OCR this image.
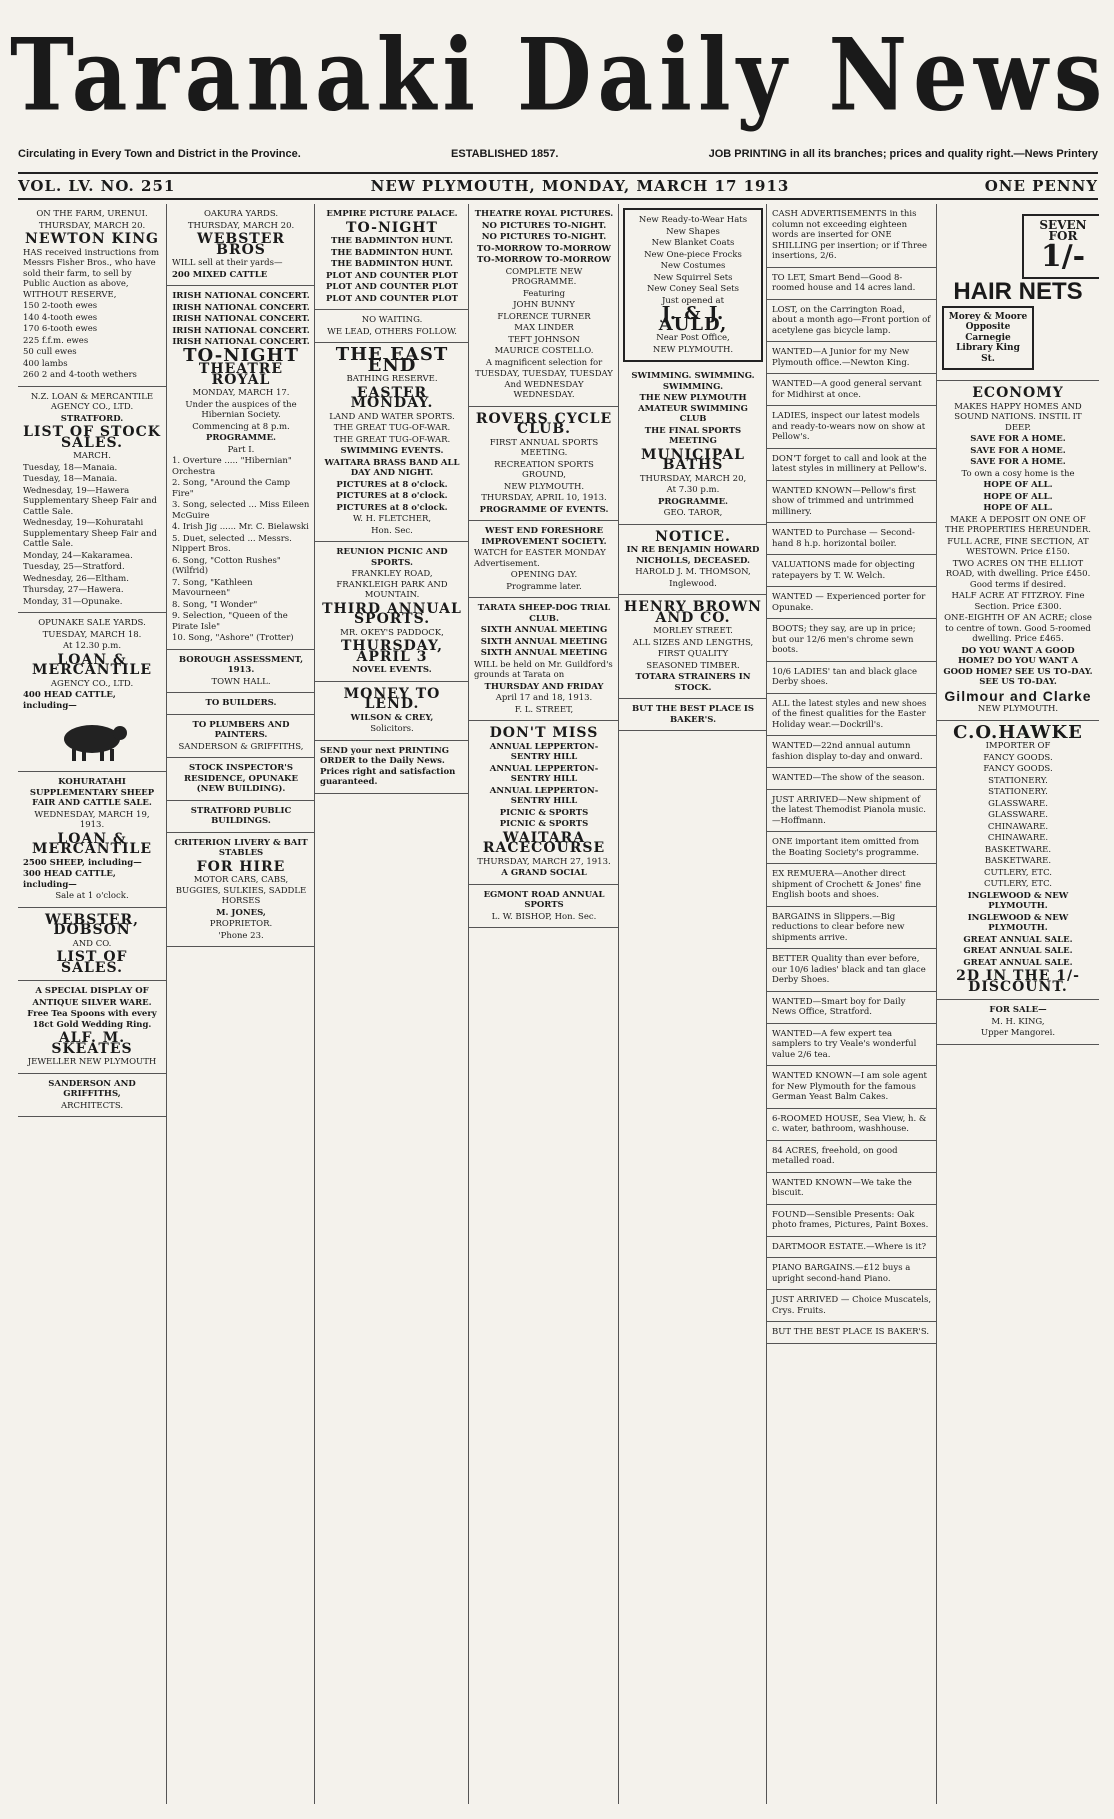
Taranaki Daily News
Circulating in Every Town and District in the Province.	ESTABLISHED 1857.	JOB PRINTING in all its branches; prices and quality right.—News Printery
VOL. LV. NO. 251	NEW PLYMOUTH, MONDAY, MARCH 17 1913	ONE PENNY

ON THE FARM, URENUI.

THURSDAY, MARCH 20.

NEWTON KING

HAS received instructions from Messrs Fisher Bros., who have sold their farm, to sell by Public Auction as above, WITHOUT RESERVE,

150 2-tooth ewes

140 4-tooth ewes

170 6-tooth ewes

225 f.f.m. ewes

50 cull ewes

400 lambs

260 2 and 4-tooth wethers

N.Z. LOAN & MERCANTILE AGENCY CO., LTD.

STRATFORD.

LIST OF STOCK SALES.

MARCH.

Tuesday, 18—Manaia.

Tuesday, 18—Manaia.

Wednesday, 19—Hawera Supplementary Sheep Fair and Cattle Sale.

Wednesday, 19—Kohuratahi Supplementary Sheep Fair and Cattle Sale.

Monday, 24—Kakaramea.

Tuesday, 25—Stratford.

Wednesday, 26—Eltham.

Thursday, 27—Hawera.

Monday, 31—Opunake.

OPUNAKE SALE YARDS.

TUESDAY, MARCH 18.

At 12.30 p.m.

LOAN & MERCANTILE

AGENCY CO., LTD.

400 HEAD CATTLE, including—

KOHURATAHI SUPPLEMENTARY SHEEP FAIR AND CATTLE SALE.

WEDNESDAY, MARCH 19, 1913.

LOAN & MERCANTILE

2500 SHEEP, including—

300 HEAD CATTLE, including—

Sale at 1 o'clock.

WEBSTER, DOBSON

AND CO.

LIST OF SALES.

A SPECIAL DISPLAY OF

ANTIQUE SILVER WARE.

Free Tea Spoons with every 18ct Gold Wedding Ring.

ALF. M. SKEATES

JEWELLER NEW PLYMOUTH

SANDERSON AND GRIFFITHS,

ARCHITECTS.

OAKURA YARDS.

THURSDAY, MARCH 20.

WEBSTER BROS

WILL sell at their yards—

200 MIXED CATTLE

IRISH NATIONAL CONCERT.

IRISH NATIONAL CONCERT.

IRISH NATIONAL CONCERT.

IRISH NATIONAL CONCERT.

IRISH NATIONAL CONCERT.

TO-NIGHT
THEATRE ROYAL

MONDAY, MARCH 17.

Under the auspices of the Hibernian Society.

Commencing at 8 p.m.

PROGRAMME.

Part I.

1. Overture ..... "Hibernian" Orchestra

2. Song, "Around the Camp Fire"

3. Song, selected ... Miss Eileen McGuire

4. Irish Jig ...... Mr. C. Bielawski

5. Duet, selected ... Messrs. Nippert Bros.

6. Song, "Cotton Rushes" (Wilfrid)

7. Song, "Kathleen Mavourneen"

8. Song, "I Wonder"

9. Selection, "Queen of the Pirate Isle"

10. Song, "Ashore" (Trotter)

BOROUGH ASSESSMENT, 1913.

TOWN HALL.

TO BUILDERS.

TO PLUMBERS AND PAINTERS.

SANDERSON & GRIFFITHS,

STOCK INSPECTOR'S RESIDENCE, OPUNAKE (NEW BUILDING).

STRATFORD PUBLIC BUILDINGS.

CRITERION LIVERY & BAIT STABLES

FOR HIRE

MOTOR CARS, CABS, BUGGIES, SULKIES, SADDLE HORSES

M. JONES,

PROPRIETOR.

'Phone 23.

EMPIRE PICTURE PALACE.

TO-NIGHT

THE BADMINTON HUNT.

THE BADMINTON HUNT.

THE BADMINTON HUNT.

PLOT AND COUNTER PLOT

PLOT AND COUNTER PLOT

PLOT AND COUNTER PLOT

NO WAITING.

WE LEAD, OTHERS FOLLOW.

THE EAST END

BATHING RESERVE.

EASTER MONDAY.

LAND AND WATER SPORTS.

THE GREAT TUG-OF-WAR.

THE GREAT TUG-OF-WAR.

SWIMMING EVENTS.

WAITARA BRASS BAND ALL DAY AND NIGHT.

PICTURES at 8 o'clock.

PICTURES at 8 o'clock.

PICTURES at 8 o'clock.

W. H. FLETCHER,

Hon. Sec.

REUNION PICNIC AND SPORTS.

FRANKLEY ROAD, FRANKLEIGH PARK AND MOUNTAIN.

THIRD ANNUAL SPORTS.

MR. OKEY'S PADDOCK,

THURSDAY, APRIL 3

NOVEL EVENTS.

MONEY TO LEND.

WILSON & CREY,

Solicitors.

SEND your next PRINTING ORDER to the Daily News. Prices right and satisfaction guaranteed.

THEATRE ROYAL PICTURES.

NO PICTURES TO-NIGHT.

NO PICTURES TO-NIGHT.

TO-MORROW TO-MORROW

TO-MORROW TO-MORROW

COMPLETE NEW PROGRAMME.

Featuring

JOHN BUNNY

FLORENCE TURNER

MAX LINDER

TEFT JOHNSON

MAURICE COSTELLO.

A magnificent selection for

TUESDAY, TUESDAY, TUESDAY And WEDNESDAY WEDNESDAY.

ROVERS CYCLE CLUB.

FIRST ANNUAL SPORTS MEETING.

RECREATION SPORTS GROUND,

NEW PLYMOUTH.

THURSDAY, APRIL 10, 1913.

PROGRAMME OF EVENTS.

WEST END FORESHORE IMPROVEMENT SOCIETY.

WATCH for EASTER MONDAY Advertisement.

OPENING DAY.

Programme later.

TARATA SHEEP-DOG TRIAL CLUB.

SIXTH ANNUAL MEETING

SIXTH ANNUAL MEETING

SIXTH ANNUAL MEETING

WILL be held on Mr. Guildford's grounds at Tarata on

THURSDAY AND FRIDAY

April 17 and 18, 1913.

F. L. STREET,

DON'T MISS

ANNUAL LEPPERTON-SENTRY HILL

ANNUAL LEPPERTON-SENTRY HILL

ANNUAL LEPPERTON-SENTRY HILL

PICNIC & SPORTS

PICNIC & SPORTS

WAITARA RACECOURSE

THURSDAY, MARCH 27, 1913.

A GRAND SOCIAL

EGMONT ROAD ANNUAL SPORTS

L. W. BISHOP, Hon. Sec.

New Ready-to-Wear Hats

New Shapes

New Blanket Coats

New One-piece Frocks

New Costumes

New Squirrel Sets

New Coney Seal Sets

Just opened at

J. & J. AULD,

Near Post Office,

NEW PLYMOUTH.

SWIMMING. SWIMMING. SWIMMING.

THE NEW PLYMOUTH AMATEUR SWIMMING CLUB

THE FINAL SPORTS MEETING

MUNICIPAL BATHS

THURSDAY, MARCH 20,

At 7.30 p.m.

PROGRAMME.

GEO. TAROR,

NOTICE.

IN RE BENJAMIN HOWARD NICHOLLS, DECEASED.

HAROLD J. M. THOMSON,

Inglewood.

HENRY BROWN AND CO.

MORLEY STREET.

ALL SIZES AND LENGTHS,

FIRST QUALITY

SEASONED TIMBER.

TOTARA STRAINERS IN STOCK.

BUT THE BEST PLACE IS BAKER'S.

CASH ADVERTISEMENTS in this column not exceeding eighteen words are inserted for ONE SHILLING per insertion; or if Three insertions, 2/6.

TO LET, Smart Bend—Good 8-roomed house and 14 acres land.

LOST, on the Carrington Road, about a month ago—Front portion of acetylene gas bicycle lamp.

WANTED—A Junior for my New Plymouth office.—Newton King.

WANTED—A good general servant for Midhirst at once.

LADIES, inspect our latest models and ready-to-wears now on show at Pellow's.

DON'T forget to call and look at the latest styles in millinery at Pellow's.

WANTED KNOWN—Pellow's first show of trimmed and untrimmed millinery.

WANTED to Purchase — Second-hand 8 h.p. horizontal boiler.

VALUATIONS made for objecting ratepayers by T. W. Welch.

WANTED — Experienced porter for Opunake.

BOOTS; they say, are up in price; but our 12/6 men's chrome sewn boots.

10/6 LADIES' tan and black glace Derby shoes.

ALL the latest styles and new shoes of the finest qualities for the Easter Holiday wear.—Dockrill's.

WANTED—22nd annual autumn fashion display to-day and onward.

WANTED—The show of the season.

JUST ARRIVED—New shipment of the latest Themodist Pianola music.—Hoffmann.

ONE important item omitted from the Boating Society's programme.

EX REMUERA—Another direct shipment of Crochett & Jones' fine English boots and shoes.

BARGAINS in Slippers.—Big reductions to clear before new shipments arrive.

BETTER Quality than ever before, our 10/6 ladies' black and tan glace Derby Shoes.

WANTED—Smart boy for Daily News Office, Stratford.

WANTED—A few expert tea samplers to try Veale's wonderful value 2/6 tea.

WANTED KNOWN—I am sole agent for New Plymouth for the famous German Yeast Balm Cakes.

6-ROOMED HOUSE, Sea View, h. & c. water, bathroom, washhouse.

84 ACRES, freehold, on good metalled road.

WANTED KNOWN—We take the biscuit.

FOUND—Sensible Presents: Oak photo frames, Pictures, Paint Boxes.

DARTMOOR ESTATE.—Where is it?

PIANO BARGAINS.—£12 buys a upright second-hand Piano.

JUST ARRIVED — Choice Muscatels, Crys. Fruits.

BUT THE BEST PLACE IS BAKER'S.

SEVEN FOR
1/-
HAIR NETS
Morey & Moore Opposite Carnegie Library King St.
ECONOMY

MAKES HAPPY HOMES AND SOUND NATIONS. INSTIL IT DEEP.

SAVE FOR A HOME.

SAVE FOR A HOME.

SAVE FOR A HOME.

To own a cosy home is the

HOPE OF ALL.

HOPE OF ALL.

HOPE OF ALL.

MAKE A DEPOSIT ON ONE OF THE PROPERTIES HEREUNDER.

FULL ACRE, FINE SECTION, AT WESTOWN. Price £150.

TWO ACRES ON THE ELLIOT ROAD, with dwelling. Price £450. Good terms if desired.

HALF ACRE AT FITZROY. Fine Section. Price £300.

ONE-EIGHTH OF AN ACRE; close to centre of town. Good 5-roomed dwelling. Price £465.

DO YOU WANT A GOOD HOME? DO YOU WANT A GOOD HOME? SEE US TO-DAY. SEE US TO-DAY.

Gilmour and Clarke

NEW PLYMOUTH.

C.O.HAWKE

IMPORTER OF

FANCY GOODS.

FANCY GOODS.

STATIONERY.

STATIONERY.

GLASSWARE.

GLASSWARE.

CHINAWARE.

CHINAWARE.

BASKETWARE.

BASKETWARE.

CUTLERY, ETC.

CUTLERY, ETC.

INGLEWOOD & NEW PLYMOUTH.

INGLEWOOD & NEW PLYMOUTH.

GREAT ANNUAL SALE.

GREAT ANNUAL SALE.

GREAT ANNUAL SALE.

2D IN THE 1/- DISCOUNT.

FOR SALE—

M. H. KING,

Upper Mangorei.
